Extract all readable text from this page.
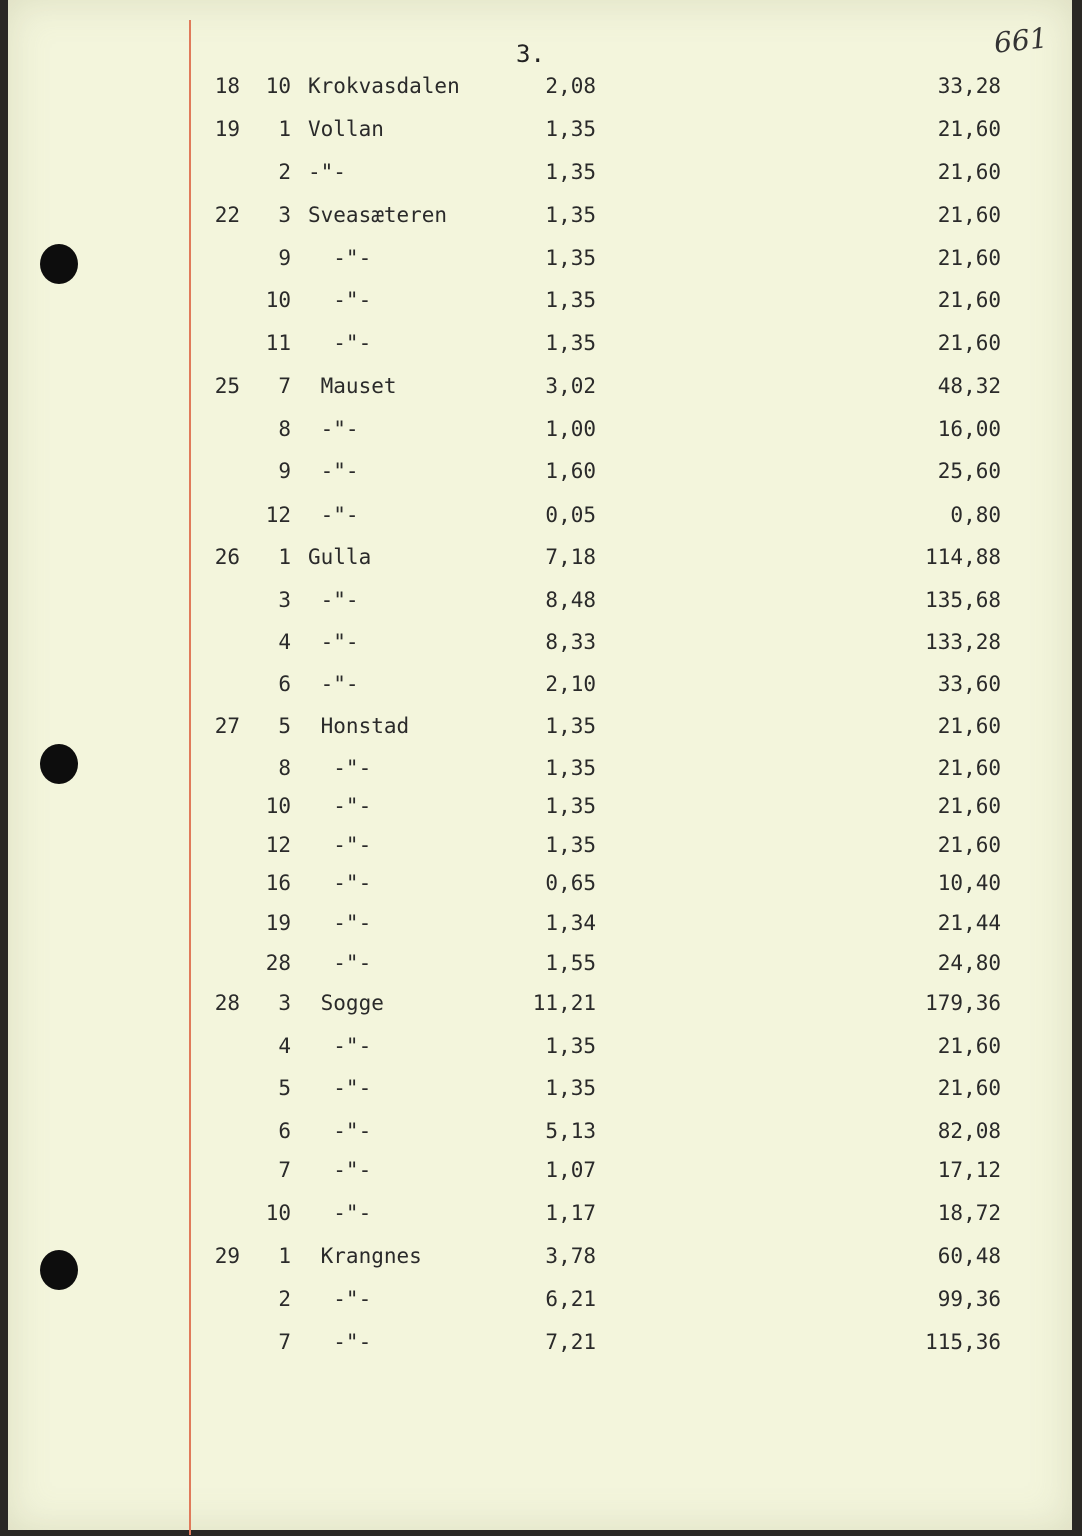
3.	661
18	10 Krokvasdalen	2,08	33,28
19	1 Vollan	1,35	21,60
2 -"-	1,35	21,60
22	3 Sveasæteren	1,35	21,60
9 -"-	1,35	21,60
10 -"-	1,35	21,60
11 -"-	1,35	21,60
25	7 Mauset	3,02	48,32
8 -"-	1,00	16,00
9 -"-	1,60	25,60
12 -"-	0,05	0,80
26	1 Gulla	7,18	114,88
3 -"-	8,48	135,68
4 -"-	8,33	133,28
6 -"-	2,10	33,60
27	5 Honstad	1,35	21,60
8 -"-	1,35	21,60
10 -"-	1,35	21,60
12 -"-	1,35	21,60
16 -"-	0,65	10,40
19 -"-	1,34	21,44
28 -"-	1,55	24,80
28	3 Sogge	11,21	179,36
4 -"-	1,35	21,60
5 -"-	1,35	21,60
6 -"-	5,13	82,08
7 -"-	1,07	17,12
10 -"-	1,17	18,72
29	1 Krangnes	3,78	60,48
2 -"-	6,21	99,36
7 -"-	7,21	115,36
